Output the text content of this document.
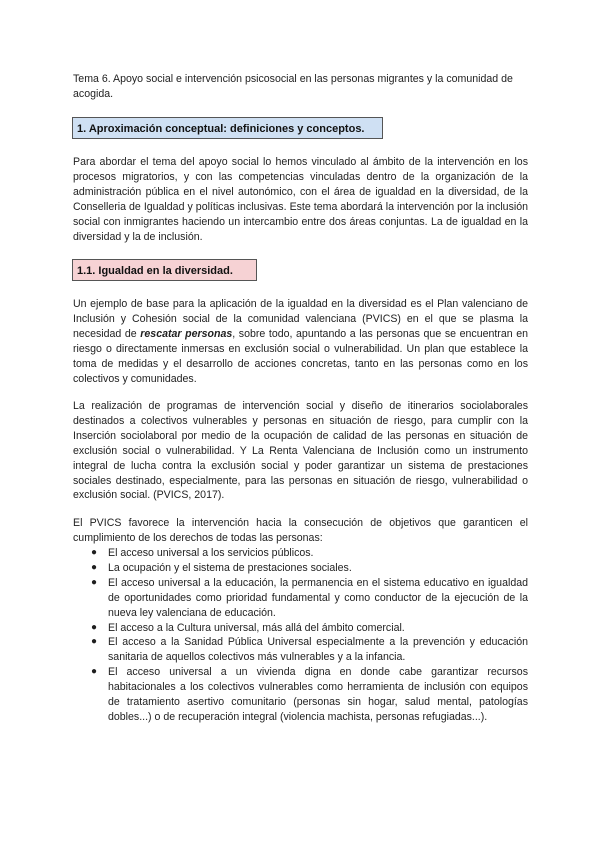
Tema 6. Apoyo social e intervención psicosocial en las personas migrantes y la comunidad de acogida.

1. Aproximación conceptual: definiciones y conceptos.

Para abordar el tema del apoyo social lo hemos vinculado al ámbito de la intervención en los procesos migratorios, y con las competencias vinculadas dentro de la organización de la administración pública en el nivel autonómico, con el área de igualdad en la diversidad, de la Conselleria de Igualdad y políticas inclusivas. Este tema abordará la intervención por la inclusión social con inmigrantes haciendo un intercambio entre dos áreas conjuntas. La de igualdad en la diversidad y la de inclusión.

1.1. Igualdad en la diversidad.

Un ejemplo de base para la aplicación de la igualdad en la diversidad es el Plan valenciano de Inclusión y Cohesión social de la comunidad valenciana (PVICS) en el que se plasma la necesidad de rescatar personas, sobre todo, apuntando a las personas que se encuentran en riesgo o directamente inmersas en exclusión social o vulnerabilidad. Un plan que establece la toma de medidas y el desarrollo de acciones concretas, tanto en las personas como en los colectivos y comunidades.

La realización de programas de intervención social y diseño de itinerarios sociolaborales destinados a colectivos vulnerables y personas en situación de riesgo, para cumplir con la Inserción sociolaboral por medio de la ocupación de calidad de las personas en situación de exclusión social o vulnerabilidad. Y La Renta Valenciana de Inclusión como un instrumento integral de lucha contra la exclusión social y poder garantizar un sistema de prestaciones sociales destinado, especialmente, para las personas en situación de riesgo, vulnerabilidad o exclusión social. (PVICS, 2017).

El PVICS favorece la intervención hacia la consecución de objetivos que garanticen el cumplimiento de los derechos de todas las personas:

● El acceso universal a los servicios públicos.
● La ocupación y el sistema de prestaciones sociales.
● El acceso universal a la educación, la permanencia en el sistema educativo en igualdad de oportunidades como prioridad fundamental y como conductor de la ejecución de la nueva ley valenciana de educación.
● El acceso a la Cultura universal, más allá del ámbito comercial.
● El acceso a la Sanidad Pública Universal especialmente a la prevención y educación sanitaria de aquellos colectivos más vulnerables y a la infancia.
● El acceso universal a un vivienda digna en donde cabe garantizar recursos habitacionales a los colectivos vulnerables como herramienta de inclusión con equipos de tratamiento asertivo comunitario (personas sin hogar, salud mental, patologías dobles...) o de recuperación integral (violencia machista, personas refugiadas...).
